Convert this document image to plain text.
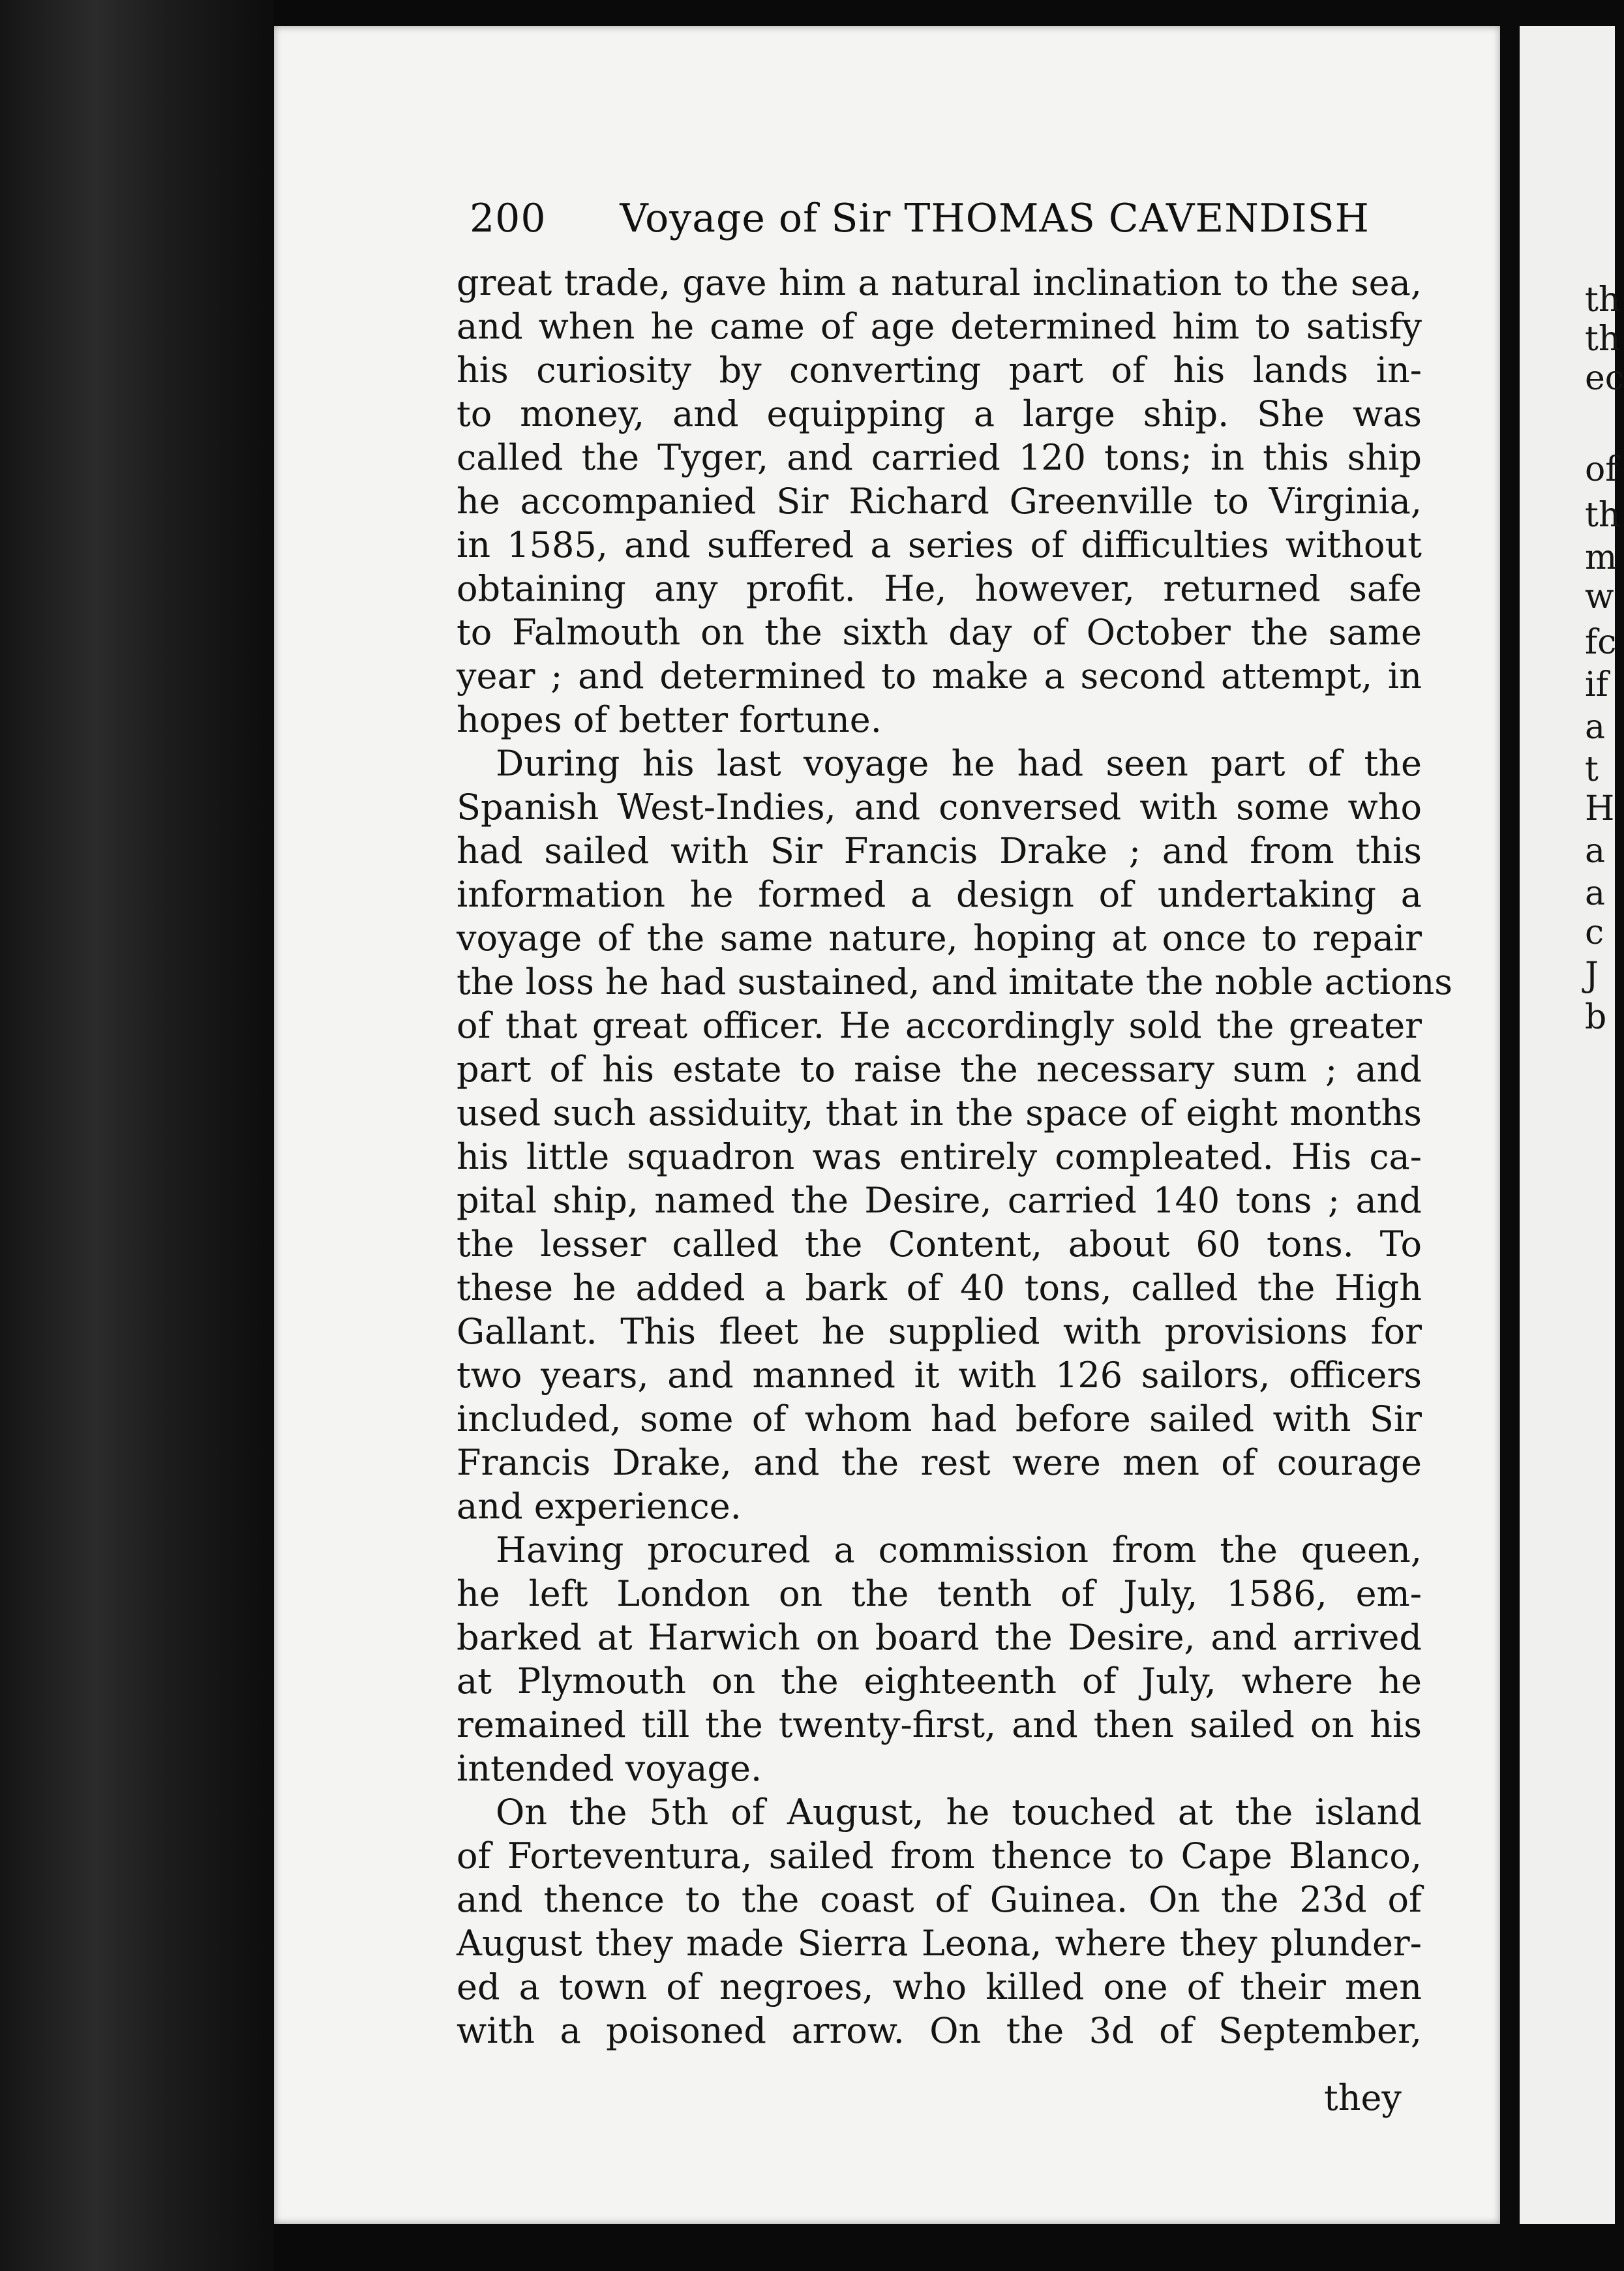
th
th
ec
of
th
m
w
fc
if
a
t
H
a
a
c
J
b
200 Voyage of Sir THOMAS CAVENDISH
great trade, gave him a natural inclination to the sea,
and when he came of age determined him to satisfy
his curiosity by converting part of his lands in-
to money, and equipping a large ship. She was
called the Tyger, and carried 120 tons; in this ship
he accompanied Sir Richard Greenville to Virginia,
in 1585, and suffered a series of difficulties without
obtaining any profit. He, however, returned safe
to Falmouth on the sixth day of October the same
year ; and determined to make a second attempt, in
hopes of better fortune.
During his last voyage he had seen part of the
Spanish West-Indies, and conversed with some who
had sailed with Sir Francis Drake ; and from this
information he formed a design of undertaking a
voyage of the same nature, hoping at once to repair
the loss he had sustained, and imitate the noble actions
of that great officer. He accordingly sold the greater
part of his estate to raise the necessary sum ; and
used such assiduity, that in the space of eight months
his little squadron was entirely compleated. His ca-
pital ship, named the Desire, carried 140 tons ; and
the lesser called the Content, about 60 tons. To
these he added a bark of 40 tons, called the High
Gallant. This fleet he supplied with provisions for
two years, and manned it with 126 sailors, officers
included, some of whom had before sailed with Sir
Francis Drake, and the rest were men of courage
and experience.
Having procured a commission from the queen,
he left London on the tenth of July, 1586, em-
barked at Harwich on board the Desire, and arrived
at Plymouth on the eighteenth of July, where he
remained till the twenty-first, and then sailed on his
intended voyage.
On the 5th of August, he touched at the island
of Forteventura, sailed from thence to Cape Blanco,
and thence to the coast of Guinea. On the 23d of
August they made Sierra Leona, where they plunder-
ed a town of negroes, who killed one of their men
with a poisoned arrow. On the 3d of September,
they
